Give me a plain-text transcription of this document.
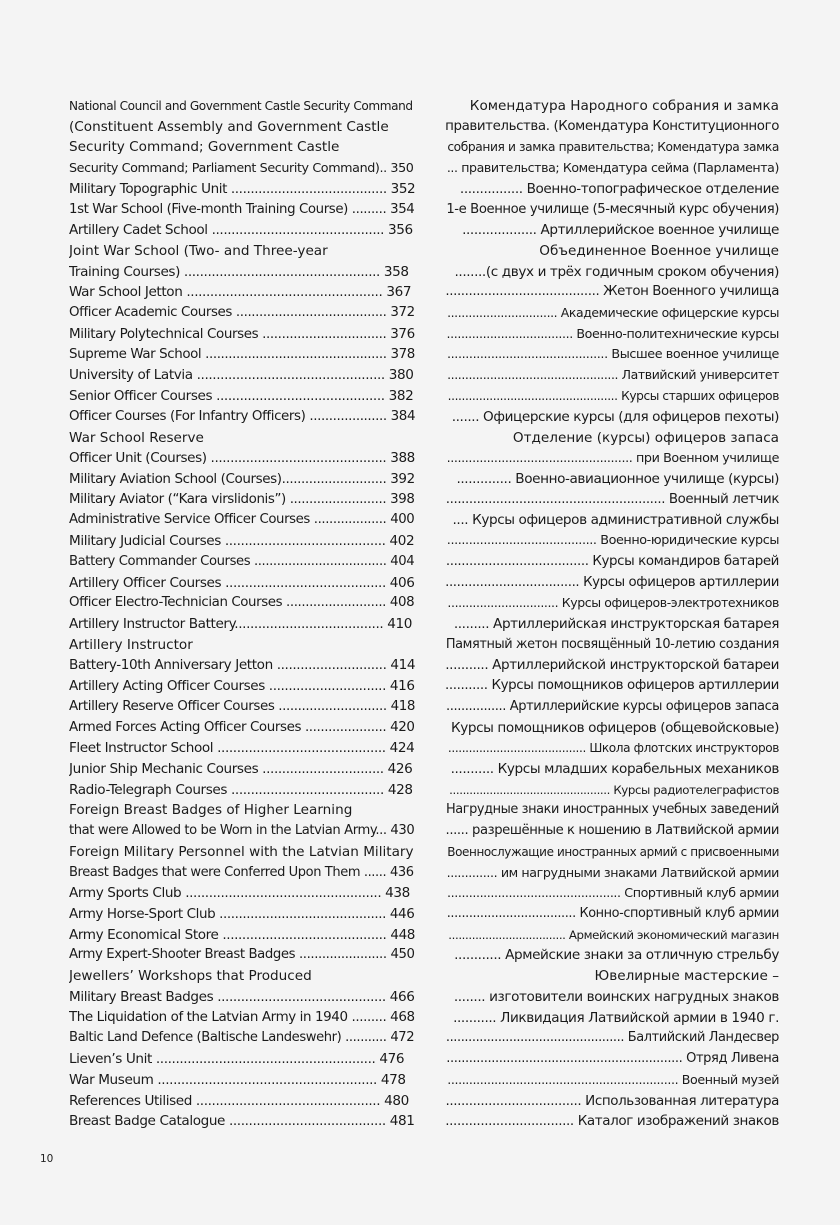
National Council and Government Castle Security Command
(Constituent Assembly and Government Castle
Security Command; Government Castle
Security Command; Parliament Security Command).. 350
Military Topographic Unit ........................................ 352
1st War School (Five-month Training Course) ......... 354
Artillery Cadet School ............................................ 356
Joint War School (Two- and Three-year
Training Courses) .................................................. 358
War School Jetton .................................................. 367
Officer Academic Courses ....................................... 372
Military Polytechnical Courses ................................ 376
Supreme War School ............................................... 378
University of Latvia ................................................ 380
Senior Officer Courses ........................................... 382
Officer Courses (For Infantry Officers) .................... 384
War School Reserve
Officer Unit (Courses) ............................................. 388
Military Aviation School (Courses)........................... 392
Military Aviator (“Kara virslidonis”) ......................... 398
Administrative Service Officer Courses ................... 400
Military Judicial Courses ......................................... 402
Battery Commander Courses ................................... 404
Artillery Officer Courses ......................................... 406
Officer Electro-Technician Courses .......................... 408
Artillery Instructor Battery...................................... 410
Artillery Instructor
Battery-10th Anniversary Jetton ............................ 414
Artillery Acting Officer Courses .............................. 416
Artillery Reserve Officer Courses ............................ 418
Armed Forces Acting Officer Courses ..................... 420
Fleet Instructor School ........................................... 424
Junior Ship Mechanic Courses ............................... 426
Radio-Telegraph Courses ....................................... 428
Foreign Breast Badges of Higher Learning
that were Allowed to be Worn in the Latvian Army... 430
Foreign Military Personnel with the Latvian Military
Breast Badges that were Conferred Upon Them ...... 436
Army Sports Club .................................................. 438
Army Horse-Sport Club ........................................... 446
Army Economical Store .......................................... 448
Army Expert-Shooter Breast Badges ....................... 450
Jewellers’ Workshops that Produced
Military Breast Badges ........................................... 466
The Liquidation of the Latvian Army in 1940 ......... 468
Baltic Land Defence (Baltische Landeswehr) ........... 472
Lieven’s Unit ........................................................ 476
War Museum ........................................................ 478
References Utilised ............................................... 480
Breast Badge Catalogue ........................................ 481
Комендатура Народного собрания и замка
правительства. (Комендатура Конституционного
собрания и замка правительства; Комендатура замка
... правительства; Комендатура сейма (Парламента)
................ Военно-топографическое отделение
1-е Военное училище (5-месячный курс обучения)
................... Артиллерийское военное училище
Объединенное Военное училище
........(с двух и трёх годичным сроком обучения)
........................................ Жетон Военного училища
............................... Академические офицерские курсы
................................... Военно-политехнические курсы
............................................ Высшее военное училище
................................................ Латвийский университет
................................................. Курсы старших офицеров
....... Офицерские курсы (для офицеров пехоты)
Отделение (курсы) офицеров запаса
................................................... при Военном училище
.............. Военно-авиационное училище (курсы)
......................................................... Военный летчик
.... Курсы офицеров административной службы
......................................... Военно-юридические курсы
..................................... Курсы командиров батарей
................................... Курсы офицеров артиллерии
............................... Курсы офицеров-электротехников
......... Артиллерийская инструкторская батарея
Памятный жетон посвящённый 10-летию создания
........... Артиллерийской инструкторской батареи
........... Курсы помощников офицеров артиллерии
................ Артиллерийские курсы офицеров запаса
Курсы помощников офицеров (общевойсковые)
........................................ Школа флотских инструкторов
........... Курсы младших корабельных механиков
................................................ Курсы радиотелеграфистов
Нагрудные знаки иностранных учебных заведений
...... разрешённые к ношению в Латвийской армии
Военнослужащие иностранных армий с присвоенными
.............. им нагрудными знаками Латвийской армии
................................................ Спортивный клуб армии
................................... Конно-спортивный клуб армии
................................... Армейский экономический магазин
............ Армейские знаки за отличную стрельбу
Ювелирные мастерские –
........ изготовители воинских нагрудных знаков
........... Ликвидация Латвийской армии в 1940 г.
................................................ Балтийский Ландесвер
............................................................... Отряд Ливена
................................................................ Военный музей
................................... Использованная литература
................................. Каталог изображений знаков
10
